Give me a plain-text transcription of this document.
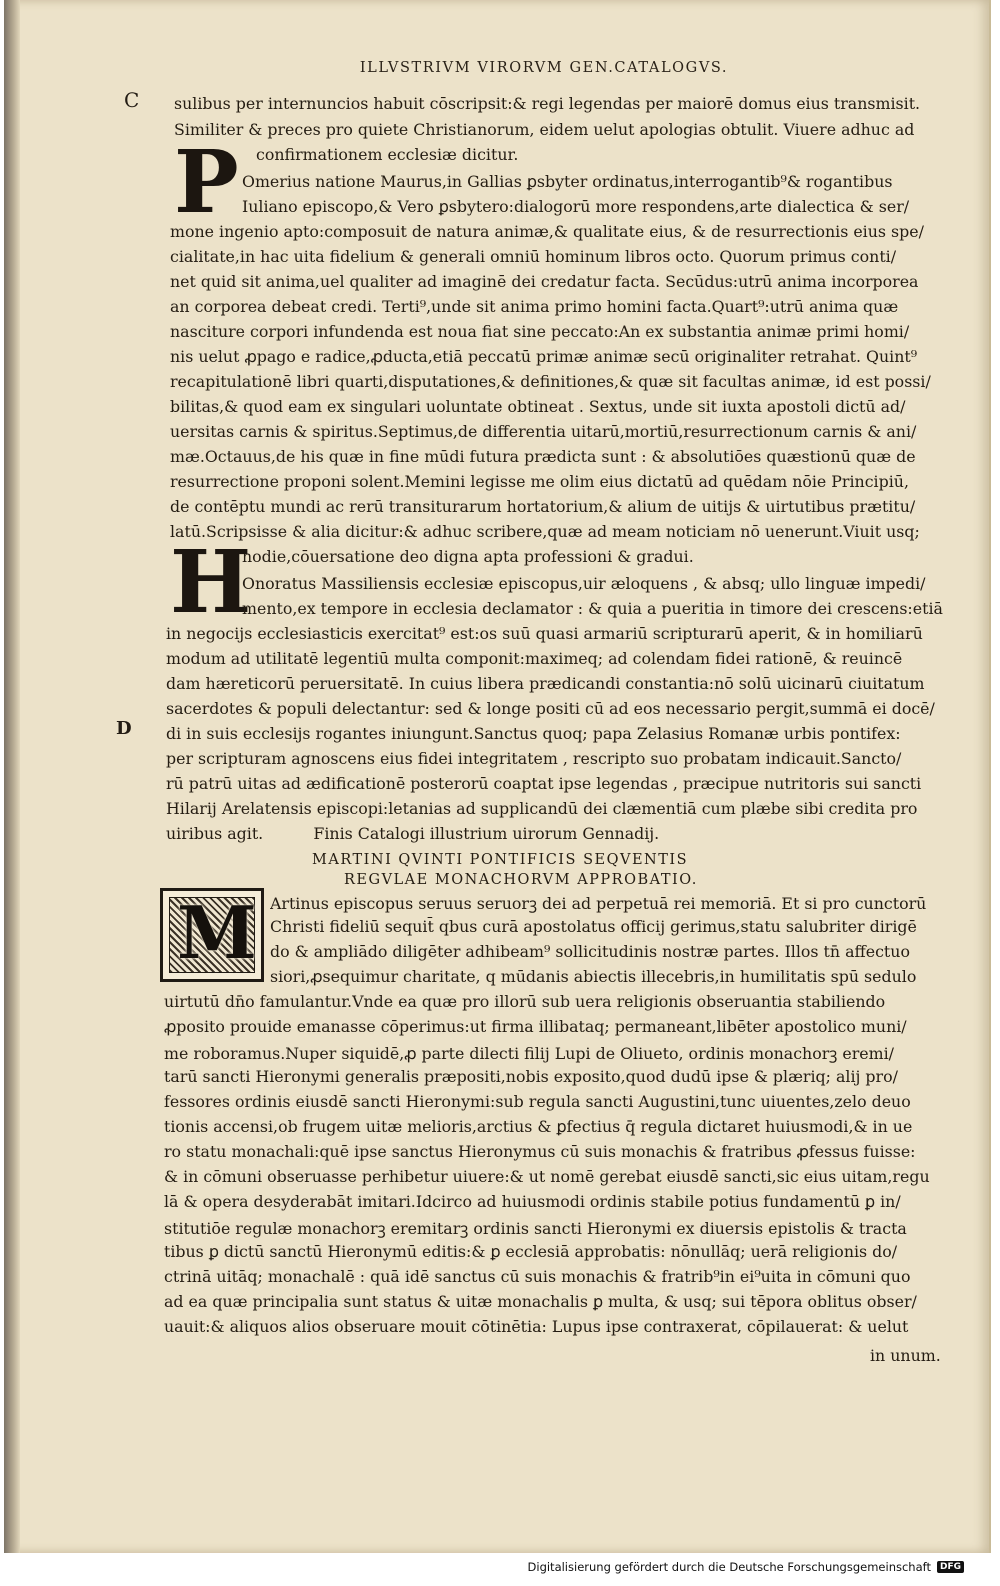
ILLVSTRIVM VIRORVM GEN.CATALOGVS.
C
D
sulibus per internuncios habuit cōscripsit:& regi legendas per maiorē domus eius transmisit.
Similiter & preces pro quiete Christianorum, eidem uelut apologias obtulit. Viuere adhuc ad
confirmationem ecclesiæ dicitur.
P Omerius natione Maurus,in Gallias ꝑsbyter ordinatus,interrogantib⁹& rogantibus
Iuliano episcopo,& Vero ꝑsbytero:dialogorū more respondens,arte dialectica & ser/
mone ingenio apto:composuit de natura animæ,& qualitate eius, & de resurrectionis eius spe/
cialitate,in hac uita fidelium & generali omniū hominum libros octo. Quorum primus conti/
net quid sit anima,uel qualiter ad imaginē dei credatur facta. Secūdus:utrū anima incorporea
an corporea debeat credi. Terti⁹,unde sit anima primo homini facta.Quart⁹:utrū anima quæ
nasciture corpori infundenda est noua fiat sine peccato:An ex substantia animæ primi homi/
nis uelut ꝓpago e radice,ꝓducta,etiā peccatū primæ animæ secū originaliter retrahat. Quint⁹
recapitulationē libri quarti,disputationes,& definitiones,& quæ sit facultas animæ, id est possi/
bilitas,& quod eam ex singulari uoluntate obtineat . Sextus, unde sit iuxta apostoli dictū ad/
uersitas carnis & spiritus.Septimus,de differentia uitarū,mortiū,resurrectionum carnis & ani/
mæ.Octauus,de his quæ in fine mūdi futura prædicta sunt : & absolutiōes quæstionū quæ de
resurrectione proponi solent.Memini legisse me olim eius dictatū ad quēdam nōie Principiū,
de contēptu mundi ac rerū transiturarum hortatorium,& alium de uitijs & uirtutibus prætitu/
latū.Scripsisse & alia dicitur:& adhuc scribere,quæ ad meam noticiam nō uenerunt.Viuit usq;
hodie,cōuersatione deo digna apta professioni & gradui.
H
Onoratus Massiliensis ecclesiæ episcopus,uir æloquens , & absq; ullo linguæ impedi/
mento,ex tempore in ecclesia declamator : & quia a pueritia in timore dei crescens:etiā
in negocijs ecclesiasticis exercitat⁹ est:os suū quasi armariū scripturarū aperit, & in homiliarū
modum ad utilitatē legentiū multa componit:maximeq; ad colendam fidei rationē, & reuincē
dam hæreticorū peruersitatē. In cuius libera prædicandi constantia:nō solū uicinarū ciuitatum
sacerdotes & populi delectantur: sed & longe positi cū ad eos necessario pergit,summā ei docē/
di in suis ecclesijs rogantes iniungunt.Sanctus quoq; papa Zelasius Romanæ urbis pontifex:
per scripturam agnoscens eius fidei integritatem , rescripto suo probatam indicauit.Sancto/
rū patrū uitas ad ædificationē posterorū coaptat ipse legendas , præcipue nutritoris sui sancti
Hilarij Arelatensis episcopi:letanias ad supplicandū dei clæmentiā cum plæbe sibi credita pro
uiribus agit.          Finis Catalogi illustrium uirorum Gennadij.
MARTINI QVINTI PONTIFICIS SEQVENTIS
REGVLAE MONACHORVM APPROBATIO.
M Artinus episcopus seruus seruorꝫ dei ad perpetuā rei memoriā. Et si pro cunctorū
Christi fideliū sequit̄ qbus curā apostolatus officij gerimus,statu salubriter dirigē
do & ampliādo diligēter adhibeam⁹ sollicitudinis nostræ partes. Illos tn̄ affectuo
siori,ꝓsequimur charitate, q mūdanis abiectis illecebris,in humilitatis spū sedulo
uirtutū dn̄o famulantur.Vnde ea quæ pro illorū sub uera religionis obseruantia stabiliendo
ꝓposito prouide emanasse cōperimus:ut firma illibataq; permaneant,libēter apostolico muni/
me roboramus.Nuper siquidē,ꝓ parte dilecti filij Lupi de Oliueto, ordinis monachorꝫ eremi/
tarū sancti Hieronymi generalis præpositi,nobis exposito,quod dudū ipse & plæriq; alij pro/
fessores ordinis eiusdē sancti Hieronymi:sub regula sancti Augustini,tunc uiuentes,zelo deuo
tionis accensi,ob frugem uitæ melioris,arctius & ꝑfectius q̄ regula dictaret huiusmodi,& in ue
ro statu monachali:quē ipse sanctus Hieronymus cū suis monachis & fratribus ꝓfessus fuisse:
& in cōmuni obseruasse perhibetur uiuere:& ut nomē gerebat eiusdē sancti,sic eius uitam,regu
lā & opera desyderabāt imitari.Idcirco ad huiusmodi ordinis stabile potius fundamentū ꝑ in/
stitutiōe regulæ monachorꝫ eremitarꝫ ordinis sancti Hieronymi ex diuersis epistolis & tracta
tibus ꝑ dictū sanctū Hieronymū editis:& ꝑ ecclesiā approbatis: nōnullāq; uerā religionis do/
ctrinā uitāq; monachalē : quā idē sanctus cū suis monachis & fratrib⁹in ei⁹uita in cōmuni quo
ad ea quæ principalia sunt status & uitæ monachalis ꝑ multa, & usq; sui tēpora oblitus obser/
uauit:& aliquos alios obseruare mouit cōtinētia: Lupus ipse contraxerat, cōpilauerat: & uelut
in unum.
Digitalisierung gefördert durch die Deutsche Forschungsgemeinschaft	DFG
